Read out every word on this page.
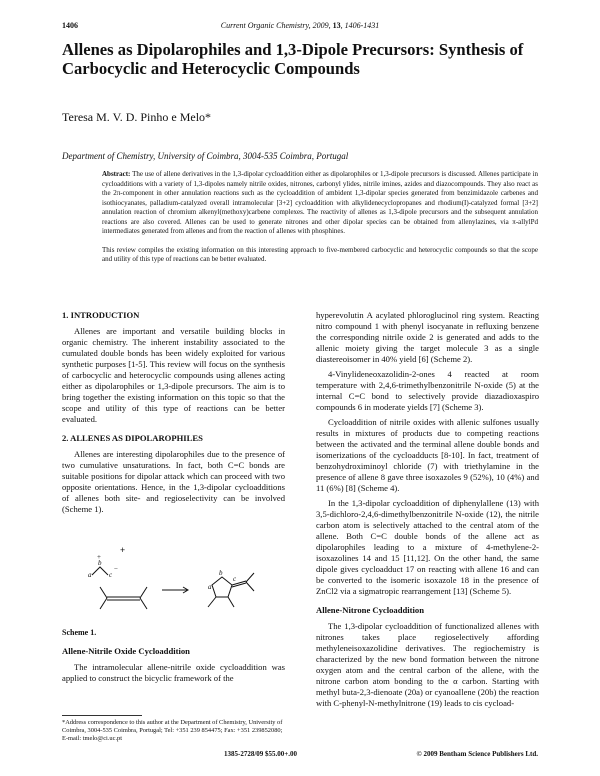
1406	Current Organic Chemistry, 2009, 13, 1406-1431
Allenes as Dipolarophiles and 1,3-Dipole Precursors: Synthesis of Carbocyclic and Heterocyclic Compounds
Teresa M. V. D. Pinho e Melo*
Department of Chemistry, University of Coimbra, 3004-535 Coimbra, Portugal

Abstract: The use of allene derivatives in the 1,3-dipolar cycloaddition either as dipolarophiles or 1,3-dipole precursors is discussed. Allenes participate in cycloadditions with a variety of 1,3-dipoles namely nitrile oxides, nitrones, carbonyl ylides, nitrile imines, azides and diazocompounds. They also react as the 2π-component in other annulation reactions such as the cycloaddition of ambident 1,3-dipolar species generated from benzimidazole carbenes and isothiocyanates, palladium-catalyzed overall intramolecular [3+2] cycloaddition with alkylidenecyclopropanes and rhodium(I)-catalyzed formal [3+2] annulation reaction of chromium alkenyl(methoxy)carbene complexes. The reactivity of allenes as 1,3-dipole precursors and the subsequent annulation reactions are also covered. Allenes can be used to generate nitrones and other dipolar species can be obtained from allenylazines, via π-allylPd intermediates generated from allenes and from the reaction of allenes with phosphines.

This review compiles the existing information on this interesting approach to five-membered carbocyclic and heterocyclic compounds so that the scope and utility of this type of reactions can be better evaluated.

1. INTRODUCTION

Allenes are important and versatile building blocks in organic chemistry. The inherent instability associated to the cumulated double bonds has been widely exploited for various synthetic purposes [1-5]. This review will focus on the synthesis of carbocyclic and heterocyclic compounds using allenes acting either as dipolarophiles or 1,3-dipole precursors. The aim is to bring together the existing information on this topic so that the scope and utility of this type of reactions can be better evaluated.

2. ALLENES AS DIPOLAROPHILES

Allenes are interesting dipolarophiles due to the presence of two cumulative unsaturations. In fact, both C=C bonds are suitable positions for dipolar attack which can proceed with two opposite orientations. Hence, in the 1,3-dipolar cycloadditions of allenes both site- and regioselectivity can be involved (Scheme 1).

+
a
b
c
+
−
a
b
c
Scheme 1.
Allene-Nitrile Oxide Cycloaddition

The intramolecular allene-nitrile oxide cycloaddition was applied to construct the bicyclic framework of the

*Address correspondence to this author at the Department of Chemistry, University of Coimbra, 3004-535 Coimbra, Portugal; Tel: +351 239 854475; Fax: +351 239852080; E-mail: tmelo@ci.uc.pt

hyperevolutin A acylated phloroglucinol ring system. Reacting nitro compound 1 with phenyl isocyanate in refluxing benzene the corresponding nitrile oxide 2 is generated and adds to the allenic moiety giving the target molecule 3 as a single diastereoisomer in 40% yield [6] (Scheme 2).

4-Vinylideneoxazolidin-2-ones 4 reacted at room temperature with 2,4,6-trimethylbenzonitrile N-oxide (5) at the internal C=C bond to selectively provide diazadioxaspiro compounds 6 in moderate yields [7] (Scheme 3).

Cycloaddition of nitrile oxides with allenic sulfones usually results in mixtures of products due to competing reactions between the activated and the terminal allene double bonds and isomerizations of the cycloadducts [8-10]. In fact, treatment of benzohydroximinoyl chloride (7) with triethylamine in the presence of allene 8 gave three isoxazoles 9 (52%), 10 (4%) and 11 (6%) [8] (Scheme 4).

In the 1,3-dipolar cycloaddition of diphenylallene (13) with 3,5-dichloro-2,4,6-dimethylbenzonitrile N-oxide (12), the nitrile carbon atom is selectively attached to the central atom of the allene. Both C=C double bonds of the allene act as dipolarophiles leading to a mixture of 4-methylene-2-isoxazolines 14 and 15 [11,12]. On the other hand, the same dipole gives cycloadduct 17 on reacting with allene 16 and can be converted to the isomeric isoxazole 18 in the presence of ZnCl2 via a sigmatropic rearrangement [13] (Scheme 5).

Allene-Nitrone Cycloaddition

The 1,3-dipolar cycloaddition of functionalized allenes with nitrones takes place regioselectively affording methyleneisoxazolidine derivatives. The regiochemistry is characterized by the new bond formation between the nitrone oxygen atom and the central carbon of the allene, with the nitrone carbon atom bonding to the α carbon. Starting with methyl buta-2,3-dienoate (20a) or cyanoallene (20b) the reaction with C-phenyl-N-methylnitrone (19) leads to cis cycload-

1385-2728/09 $55.00+.00	© 2009 Bentham Science Publishers Ltd.
